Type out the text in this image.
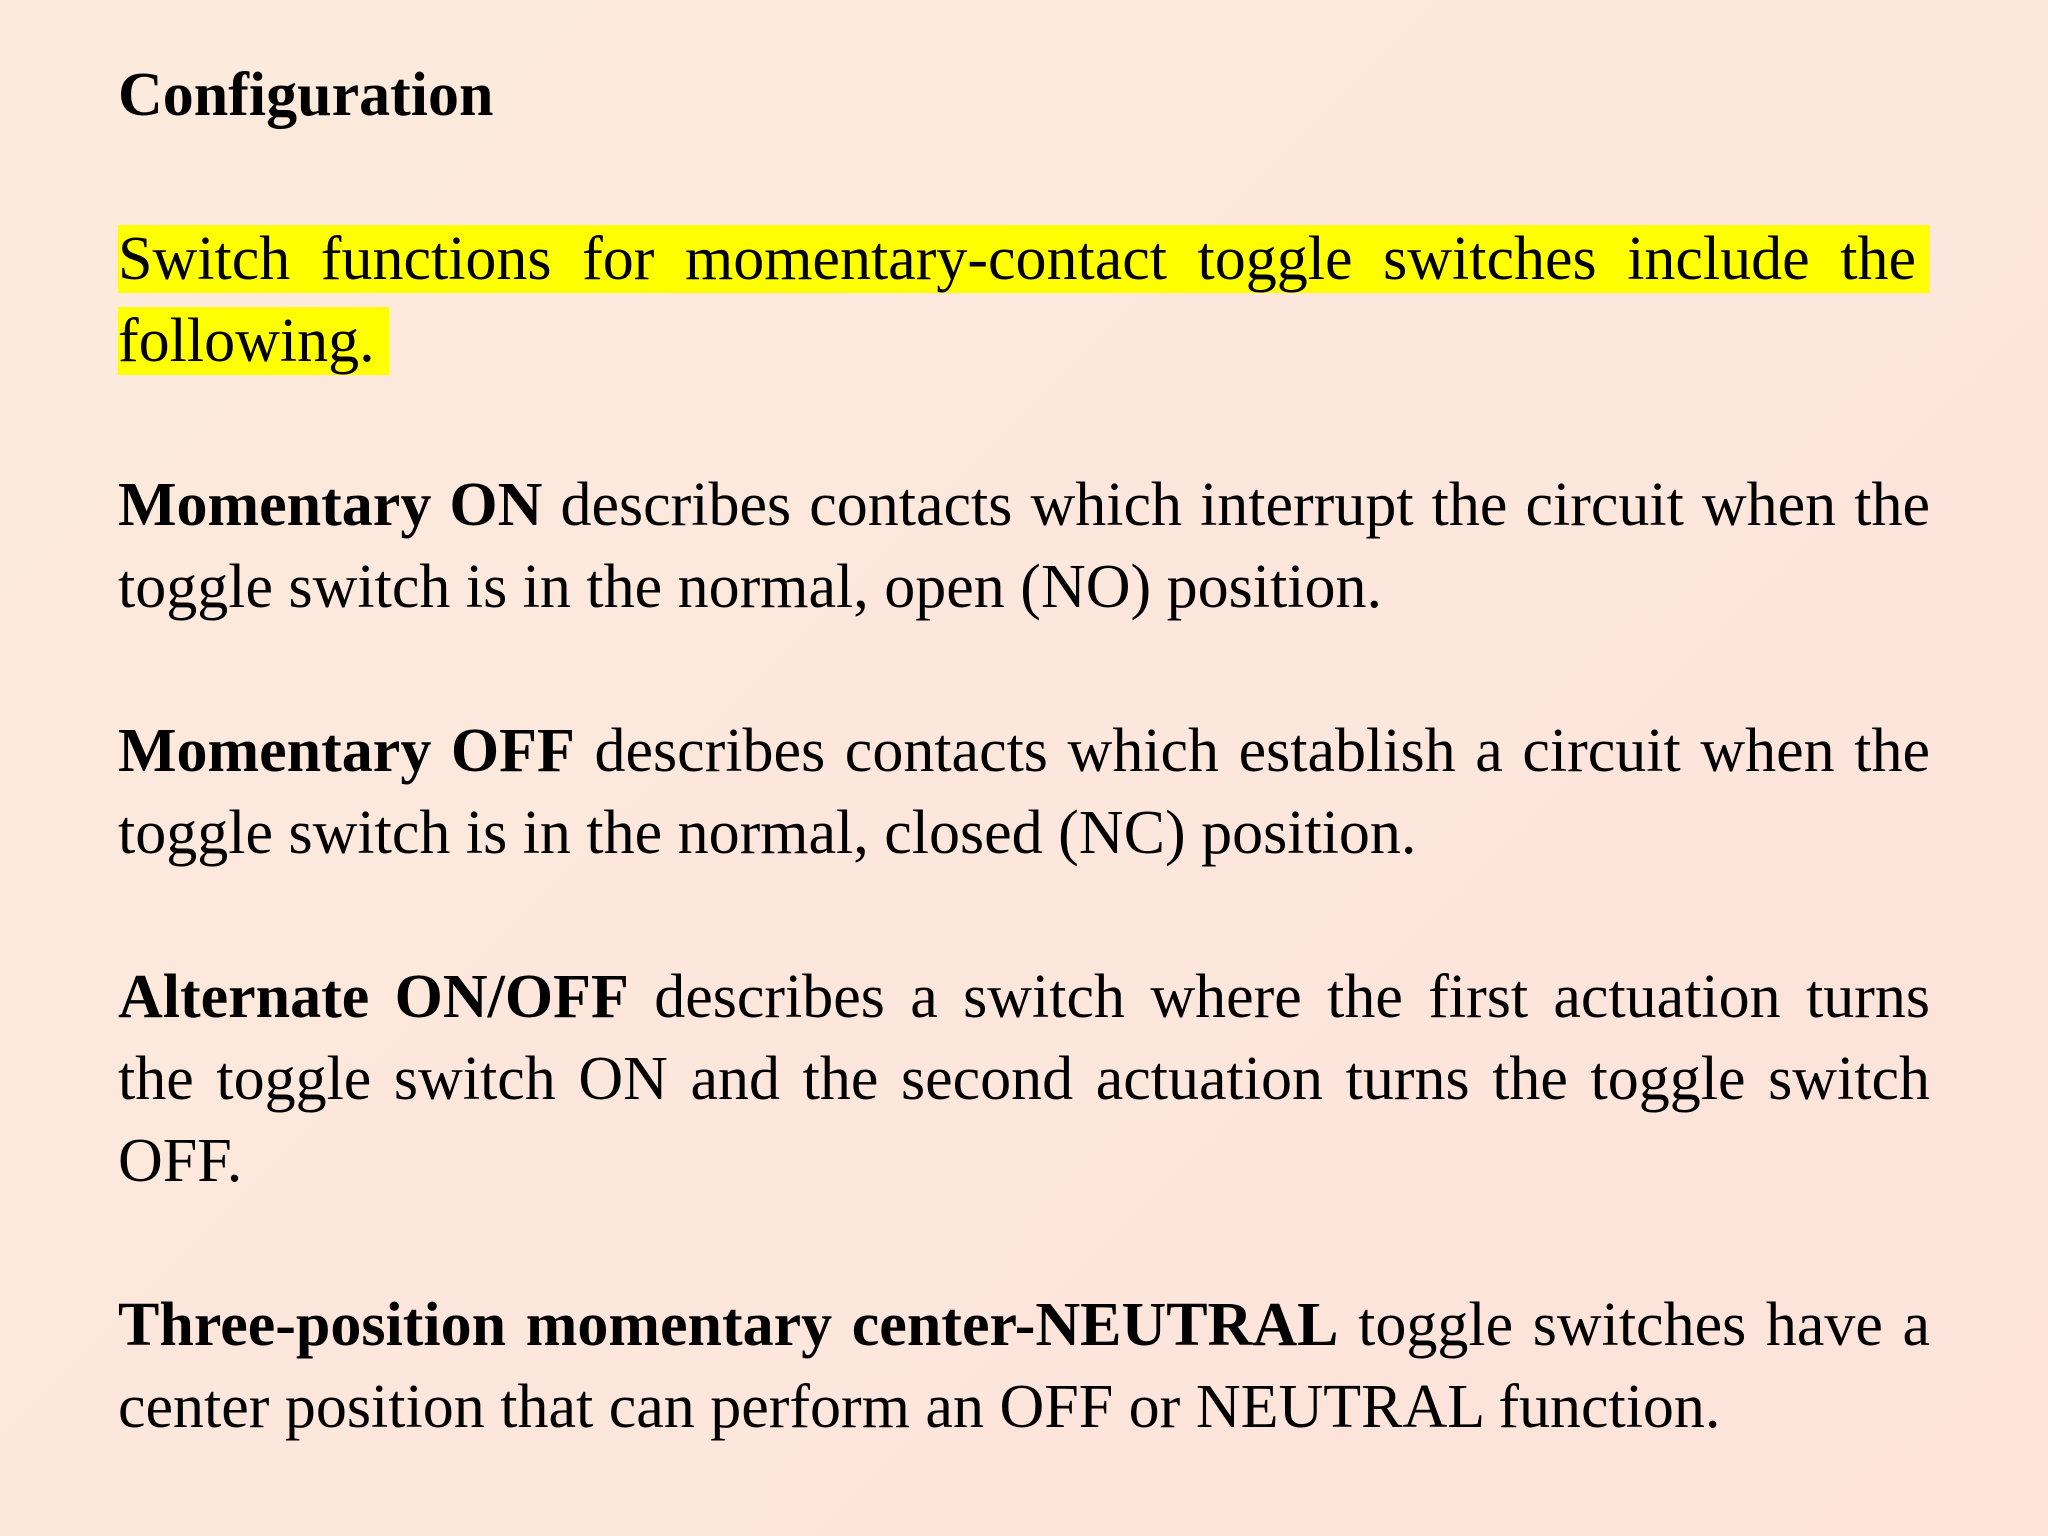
Configuration

Switch functions for momentary-contact toggle switches include the following.

Momentary ON describes contacts which interrupt the circuit when the toggle switch is in the normal, open (NO) position.

Momentary OFF describes contacts which establish a circuit when the toggle switch is in the normal, closed (NC) position.

Alternate ON/OFF describes a switch where the first actuation turns the toggle switch ON and the second actuation turns the toggle switch OFF.

Three-position momentary center-NEUTRAL toggle switches have a center position that can perform an OFF or NEUTRAL function.
